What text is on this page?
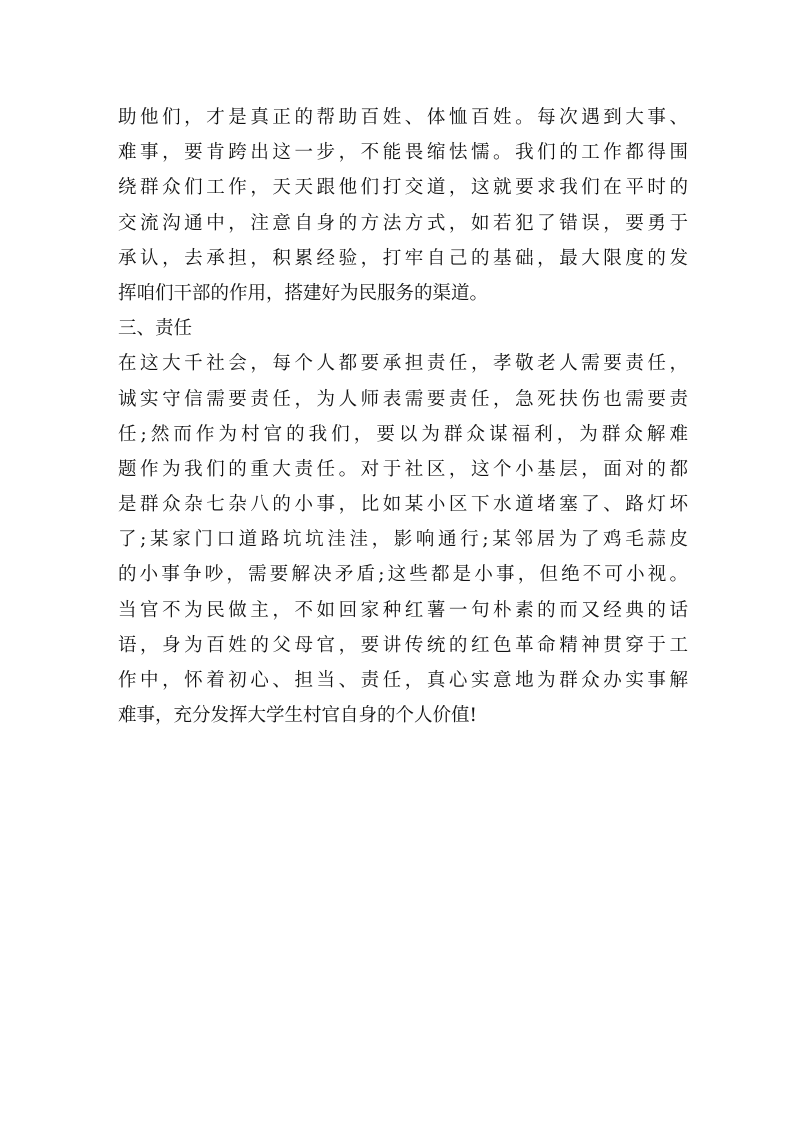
助他们，才是真正的帮助百姓、体恤百姓。每次遇到大事、
难事，要肯跨出这一步，不能畏缩怯懦。我们的工作都得围
绕群众们工作，天天跟他们打交道，这就要求我们在平时的
交流沟通中，注意自身的方法方式，如若犯了错误，要勇于
承认，去承担，积累经验，打牢自己的基础，最大限度的发
挥咱们干部的作用，搭建好为民服务的渠道。
三、责任
在这大千社会，每个人都要承担责任，孝敬老人需要责任，
诚实守信需要责任，为人师表需要责任，急死扶伤也需要责
任;然而作为村官的我们，要以为群众谋福利，为群众解难
题作为我们的重大责任。对于社区，这个小基层，面对的都
是群众杂七杂八的小事，比如某小区下水道堵塞了、路灯坏
了;某家门口道路坑坑洼洼，影响通行;某邻居为了鸡毛蒜皮
的小事争吵，需要解决矛盾;这些都是小事，但绝不可小视。
当官不为民做主，不如回家种红薯一句朴素的而又经典的话
语，身为百姓的父母官，要讲传统的红色革命精神贯穿于工
作中，怀着初心、担当、责任，真心实意地为群众办实事解
难事，充分发挥大学生村官自身的个人价值!
